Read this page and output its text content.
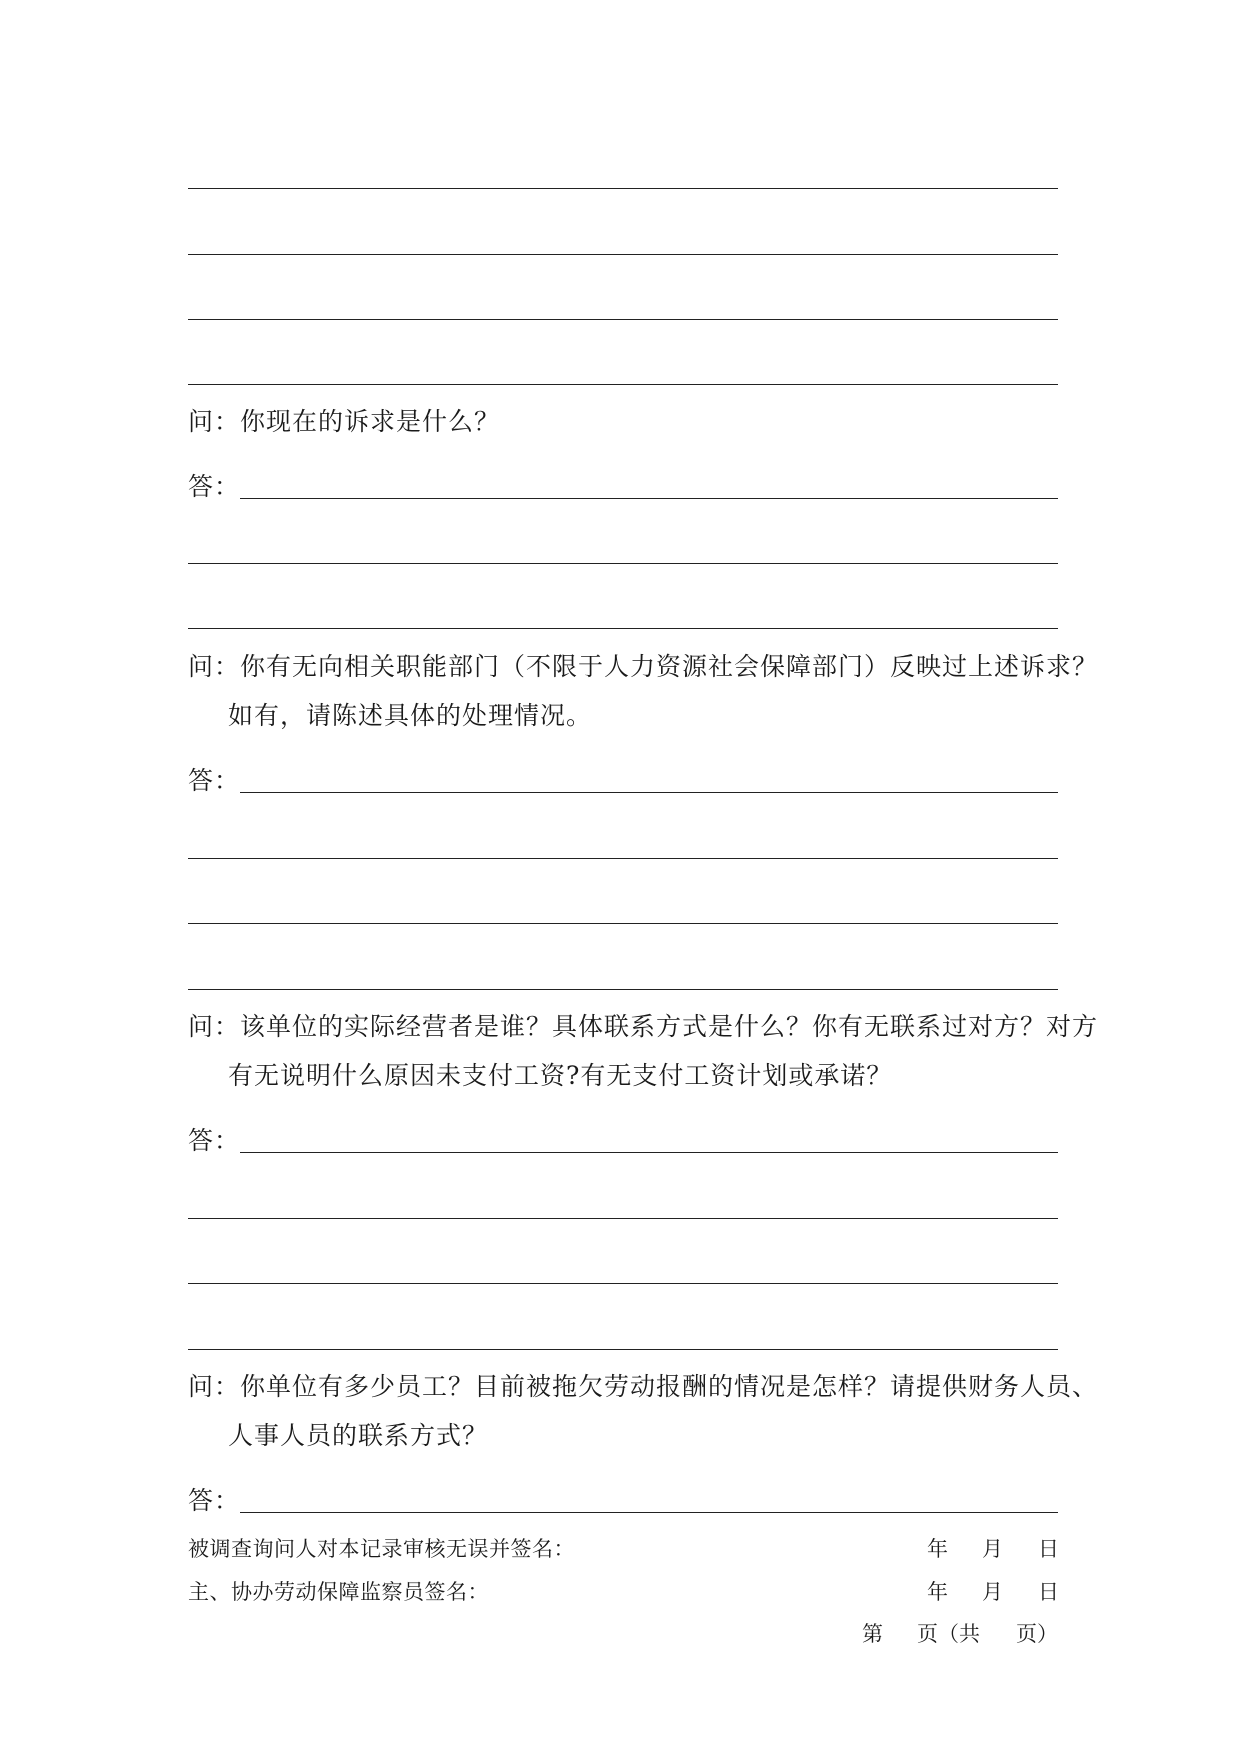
问：你现在的诉求是什么？
答：
问：你有无向相关职能部门（不限于人力资源社会保障部门）反映过上述诉求？
如有，请陈述具体的处理情况。
答：
问：该单位的实际经营者是谁？具体联系方式是什么？你有无联系过对方？对方
有无说明什么原因未支付工资?有无支付工资计划或承诺？
答：
问：你单位有多少员工？目前被拖欠劳动报酬的情况是怎样？请提供财务人员、
人事人员的联系方式？
答：
被调查询问人对本记录审核无误并签名：	年 月 日
主、协办劳动保障监察员签名：	年 月 日
第 页（共 页）
